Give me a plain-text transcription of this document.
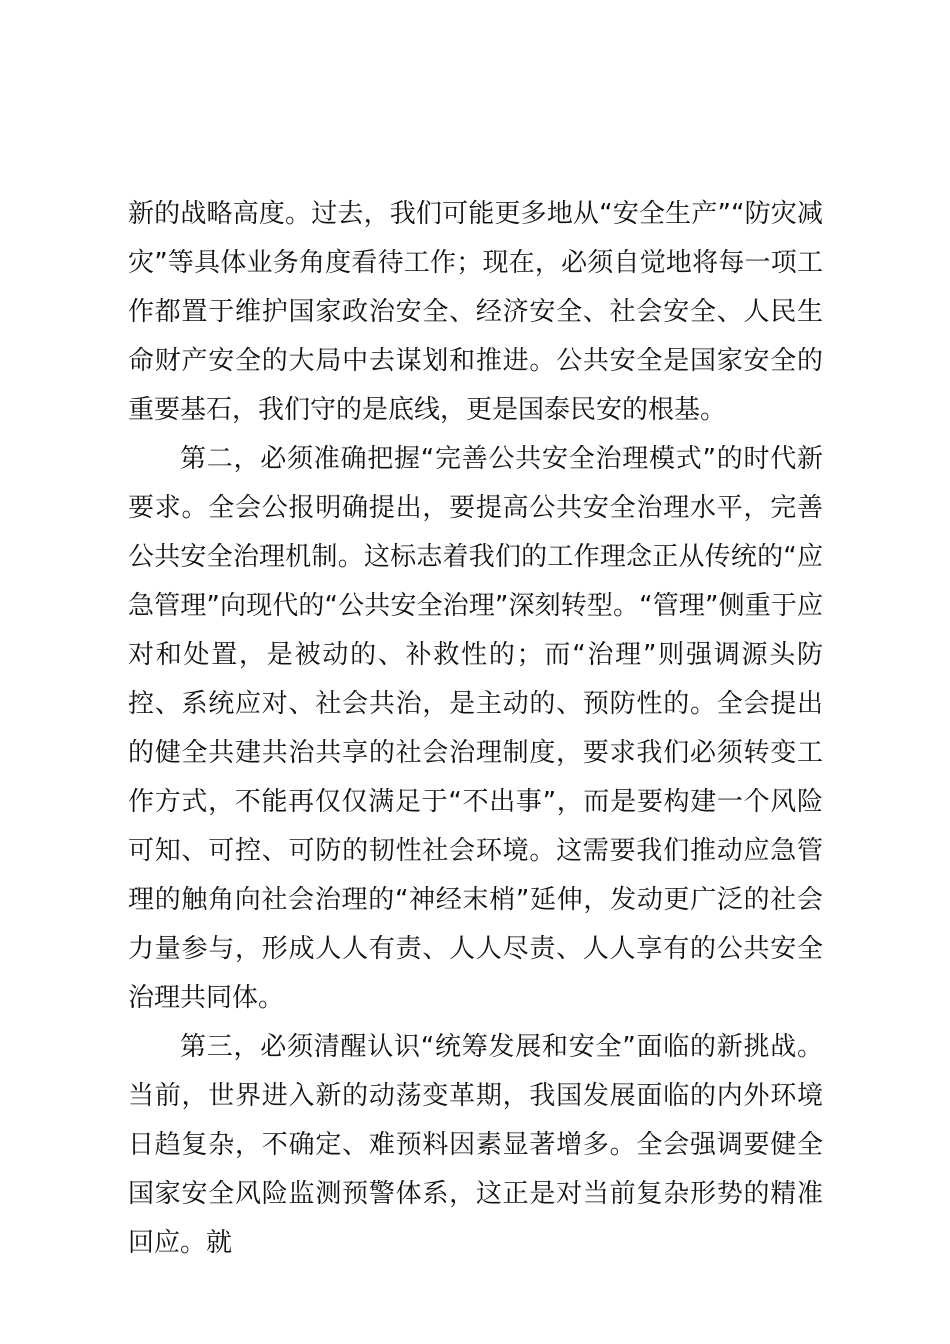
新的战略高度。过去，我们可能更多地从“安全生产”“防灾减灾”等具体业务角度看待工作；现在，必须自觉地将每一项工作都置于维护国家政治安全、经济安全、社会安全、人民生命财产安全的大局中去谋划和推进。公共安全是国家安全的重要基石，我们守的是底线，更是国泰民安的根基。

第二，必须准确把握“完善公共安全治理模式”的时代新要求。全会公报明确提出，要提高公共安全治理水平，完善公共安全治理机制。这标志着我们的工作理念正从传统的“应急管理”向现代的“公共安全治理”深刻转型。“管理”侧重于应对和处置，是被动的、补救性的；而“治理”则强调源头防控、系统应对、社会共治，是主动的、预防性的。全会提出的健全共建共治共享的社会治理制度，要求我们必须转变工作方式，不能再仅仅满足于“不出事”，而是要构建一个风险可知、可控、可防的韧性社会环境。这需要我们推动应急管理的触角向社会治理的“神经末梢”延伸，发动更广泛的社会力量参与，形成人人有责、人人尽责、人人享有的公共安全治理共同体。

第三，必须清醒认识“统筹发展和安全”面临的新挑战。当前，世界进入新的动荡变革期，我国发展面临的内外环境日趋复杂，不确定、难预料因素显著增多。全会强调要健全国家安全风险监测预警体系，这正是对当前复杂形势的精准回应。就
